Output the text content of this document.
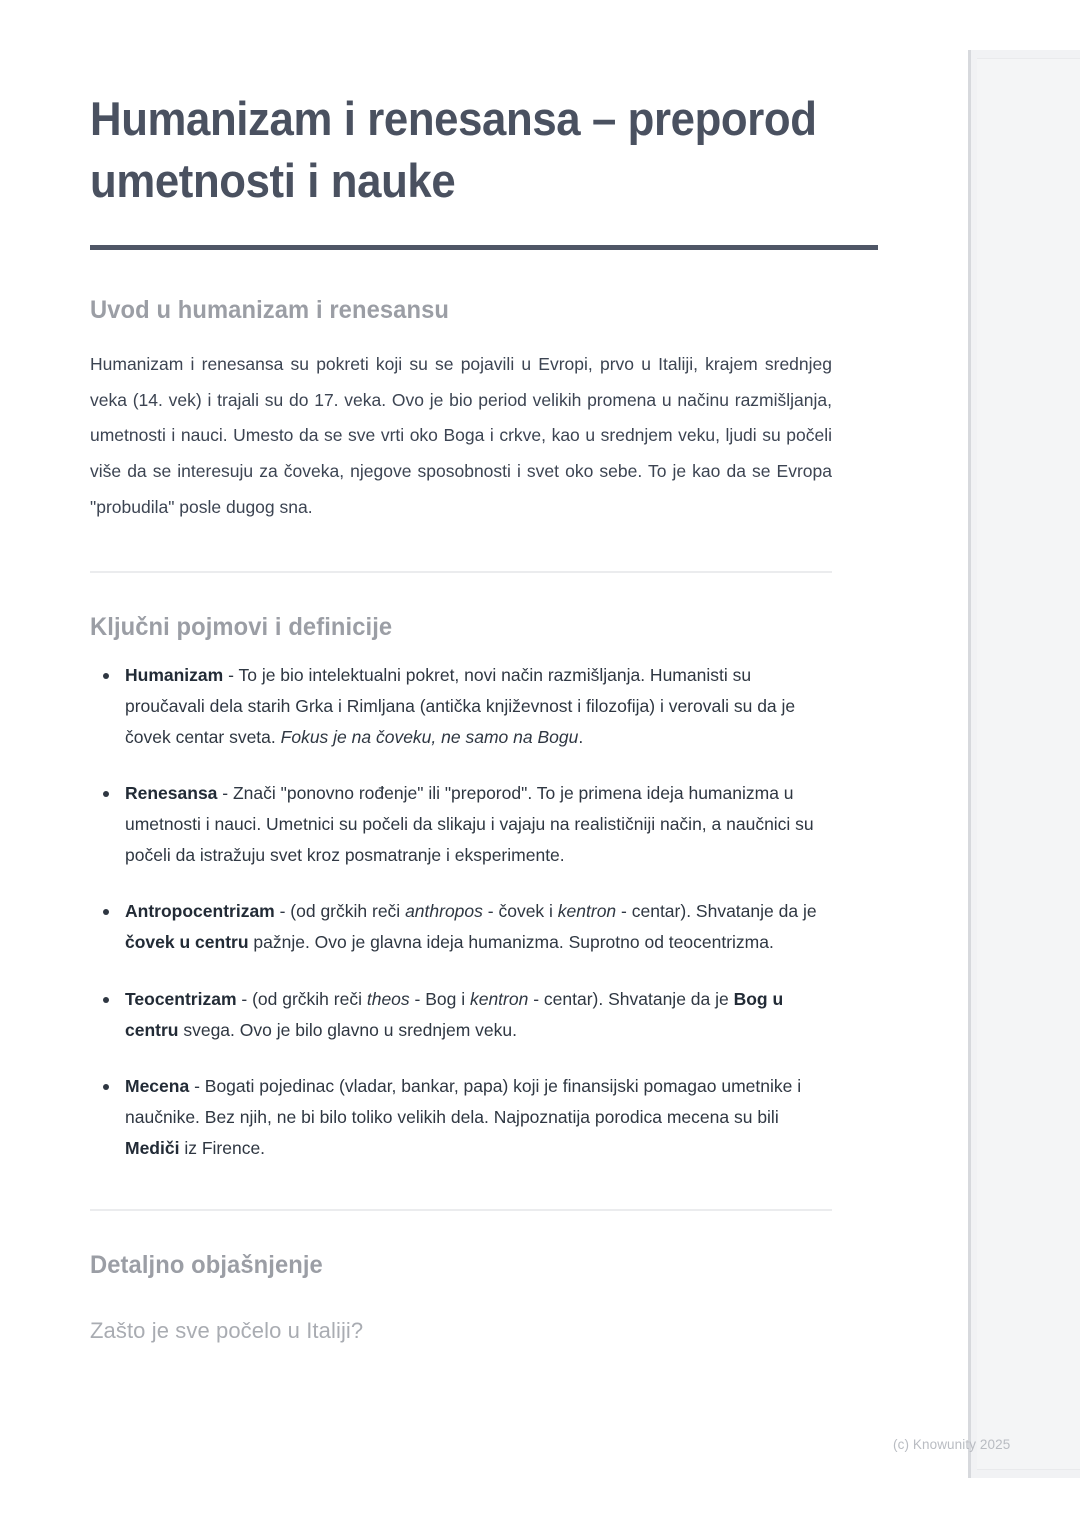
Humanizam i renesansa – preporod umetnosti i nauke
Uvod u humanizam i renesansu

Humanizam i renesansa su pokreti koji su se pojavili u Evropi, prvo u Italiji, krajem srednjeg veka (14. vek) i trajali su do 17. veka. Ovo je bio period velikih promena u načinu razmišljanja, umetnosti i nauci. Umesto da se sve vrti oko Boga i crkve, kao u srednjem veku, ljudi su počeli više da se interesuju za čoveka, njegove sposobnosti i svet oko sebe. To je kao da se Evropa "probudila" posle dugog sna.

Ključni pojmovi i definicije
Humanizam - To je bio intelektualni pokret, novi način razmišljanja. Humanisti su proučavali dela starih Grka i Rimljana (antička književnost i filozofija) i verovali su da je čovek centar sveta. Fokus je na čoveku, ne samo na Bogu.
Renesansa - Znači "ponovno rođenje" ili "preporod". To je primena ideja humanizma u umetnosti i nauci. Umetnici su počeli da slikaju i vajaju na realističniji način, a naučnici su počeli da istražuju svet kroz posmatranje i eksperimente.
Antropocentrizam - (od grčkih reči anthropos - čovek i kentron - centar). Shvatanje da je čovek u centru pažnje. Ovo je glavna ideja humanizma. Suprotno od teocentrizma.
Teocentrizam - (od grčkih reči theos - Bog i kentron - centar). Shvatanje da je Bog u centru svega. Ovo je bilo glavno u srednjem veku.
Mecena - Bogati pojedinac (vladar, bankar, papa) koji je finansijski pomagao umetnike i naučnike. Bez njih, ne bi bilo toliko velikih dela. Najpoznatija porodica mecena su bili Mediči iz Firence.
Detaljno objašnjenje
Zašto je sve počelo u Italiji?
(c) Knowunity 2025
